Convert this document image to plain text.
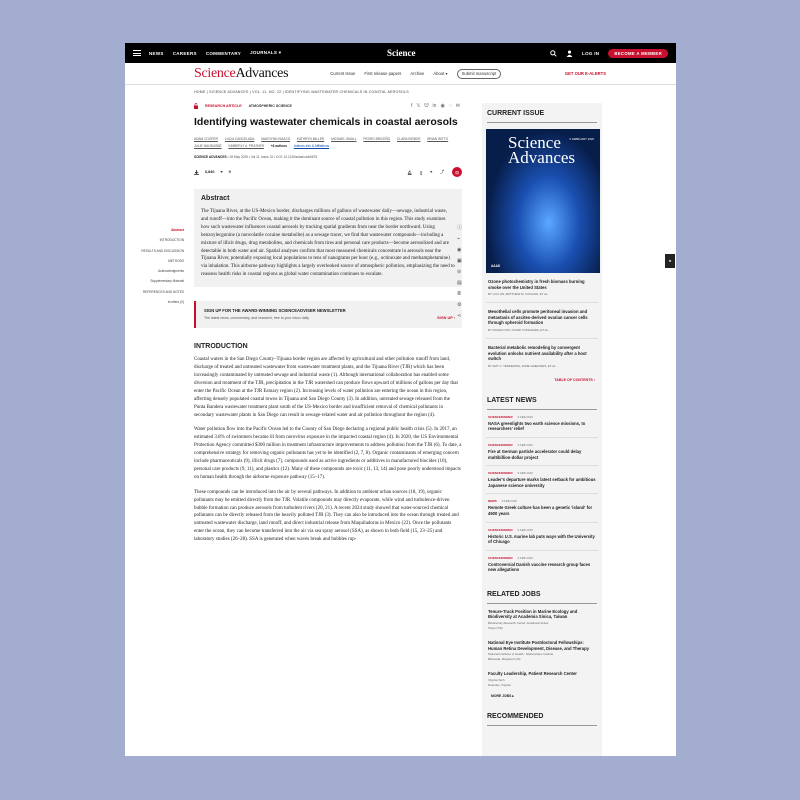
NEWS CAREERS COMMENTARY JOURNALS ▾	Science	LOG IN	BECOME A MEMBER
ScienceAdvances	Current Issue First release papers Archive About ▾	Submit manuscript	GET OUR E-ALERTS
HOME | SCIENCE ADVANCES | VOL. 11, NO. 22 | IDENTIFYING WASTEWATER CHEMICALS IN COASTAL AEROSOLS
Abstract
INTRODUCTION
RESULTS AND DISCUSSION
METHODS
Acknowledgments
Supplementary Material
REFERENCES AND NOTES
eLetters (0)
RESEARCH ARTICLE ATMOSPHERIC SCIENCE	f 𝕏 ᗢ in ◉ ◌ ✉
Identifying wastewater chemicals in coastal aerosols
ADAM COOPER LUCIA CANCELADA MAEGYNN ISAACS KATHRYN MILLER MICHAEL SMALL PEDRO BRICEÑO CLARA KIRBOS BRIAN WITTO
JULIE NAVIDASBÉ KIMBERLY A. PRATHER +6 authors Authors Info & Affiliations
SCIENCE ADVANCES • 28 May 2025 • Vol 11, Issue 22 • DOI: 10.1126/sciadv.adr6675
6,840 ❞ 9	🔔︎ ▯ ❝ ⤴	⊡
Abstract

The Tijuana River, at the US-Mexico border, discharges millions of gallons of wastewater daily—sewage, industrial waste, and runoff—into the Pacific Ocean, making it the dominant source of coastal pollution in this region. This study examines how such wastewater influences coastal aerosols by tracking spatial gradients from near the border northward. Using benzoylecgonine (a nonvolatile cocaine metabolite) as a sewage tracer, we find that wastewater compounds—including a mixture of illicit drugs, drug metabolites, and chemicals from tires and personal care products—become aerosolized and are detectable in both water and air. Spatial analyses confirm that most measured chemicals concentrate in aerosols near the Tijuana River, potentially exposing local populations to tens of nanograms per hour (e.g., octinoxate and methamphetamine) via inhalation. This airborne pathway highlights a largely overlooked source of atmospheric pollution, emphasizing the need to reassess health risks in coastal regions as global water contamination continues to escalate.

SIGN UP FOR THE AWARD-WINNING SCIENCEADVISER NEWSLETTER
The latest news, commentary, and research, free to your inbox daily	SIGN UP ›
INTRODUCTION

Coastal waters in the San Diego County–Tijuana border region are affected by agricultural and other pollution runoff from land, discharge of treated and untreated wastewater from wastewater treatment plants, and the Tijuana River (TJR) which has been increasingly contaminated by untreated sewage and industrial waste (1). Although international collaboration has enabled some diversion and treatment of the TJR, precipitation in the TJR watershed can produce flows upward of millions of gallons per day that enter the Pacific Ocean at the TJR Estuary region (2). Increasing levels of water pollution are entering the ocean in this region, affecting densely populated coastal towns in Tijuana and San Diego County (3). In addition, untreated sewage released from the Punta Bandera wastewater treatment plant south of the US-Mexico border and insufficient removal of chemical pollutants in secondary wastewater plants in San Diego can result in sewage-related water and air pollution throughout the region (4).

Water pollution flow into the Pacific Ocean led to the County of San Diego declaring a regional public health crisis (5). In 2017, an estimated 3.8% of swimmers became ill from norovirus exposure in the impacted coastal region (4). In 2020, the US Environmental Protection Agency committed $300 million in treatment infrastructure improvements to address pollution from the TJR (6). To date, a comprehensive strategy for removing organic pollutants has yet to be identified (2, 7, 8). Organic contaminants of emerging concern include pharmaceuticals (9), illicit drugs (7), compounds used as active ingredients or additives in manufactured biocides (10), personal care products (9, 11), and plastics (12). Many of these compounds are toxic (11, 13, 14) and pose poorly understood impacts on human health through the airborne exposure pathway (15–17).

These compounds can be introduced into the air by several pathways. In addition to ambient urban sources (18, 19), organic pollutants may be emitted directly from the TJR. Volatile compounds may directly evaporate, while wind and turbulence-driven bubble formation can produce aerosols from turbulent rivers (20, 21). A recent 2024 study showed that water-sourced chemical pollutants can be directly released from the heavily polluted TJR (3). They can also be introduced into the ocean through treated and untreated wastewater discharge, land runoff, and direct industrial release from Maquiladoras in Mexico (22). Once the pollutants enter the ocean, they can become transferred into the air via sea spray aerosol (SSA), as shown in both field (15, 23–25) and laboratory studies (26–28). SSA is generated when waves break and bubbles rup-

ⓘ
⌁
◉
▣
⊘
▤
≣
⚙
⋖
CURRENT ISSUE
Science
Advances
6 FEBRUARY 2026
AAAS
Ozone photochemistry in fresh biomass burning smoke over the United States
BY LIXU JIN, MATTHEW M. COGGON, ET AL.
Mesothelial cells promote peritoneal invasion and metastasis of ascites-derived ovarian cancer cells through spheroid formation
BY KANAKO INO, KAORI TOSHIHARA, ET AL.
Bacterial metabolic remodeling by convergent evolution unlocks nutrient availability after a host switch
BY AMY C. TENDERING, ANNE GREETERS, ET AL.
TABLE OF CONTENTS ›
LATEST NEWS
SCIENCEINSIDER 9 FEB 2026
NASA greenlights two earth science missions, to researchers' relief
SCIENCEINSIDER 9 FEB 2026
Fire at German particle accelerator could delay multibillion-dollar project
SCIENCEINSIDER 9 FEB 2026
Leader's departure marks latest setback for ambitious Japanese science university
NEWS 9 FEB 2026
Remote Greek culture has been a genetic 'island' for 4500 years
SCIENCEINSIDER 6 FEB 2026
Historic U.S. marine lab puts ways with the University of Chicago
SCIENCEINSIDER 6 FEB 2026
Controversial Danish vaccine research group faces new allegations
RELATED JOBS
Tenure-Track Position in Marine Ecology and Biodiversity at Academia Sinica, Taiwan
Biodiversity Research Center, Academia Sinica
Taipei (TW)
National Eye Institute Postdoctoral Fellowships: Human Retina Development, Disease, and Therapy
National Institutes of Health - National Eye Institute
Bethesda, Maryland (US)
Faculty Leadership, Patient Research Center
Virginia Tech
Roanoke, Virginia
MORE JOBS ▸
RECOMMENDED
⇆
